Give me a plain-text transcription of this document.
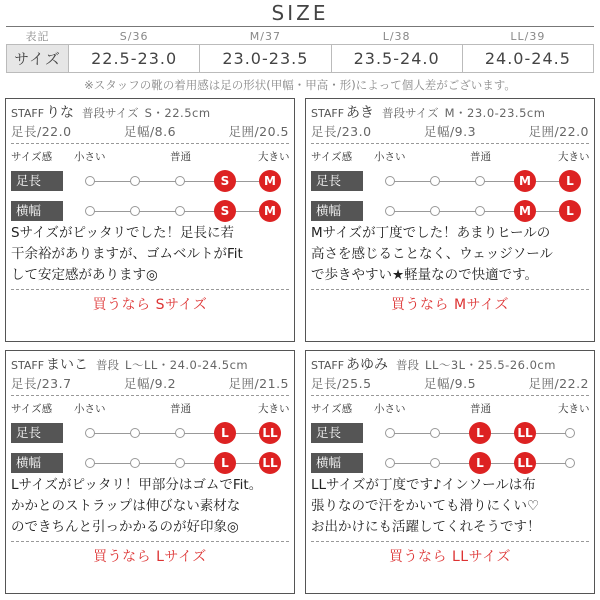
SIZE
表記	S/36	M/37	L/38	LL/39
サイズ	22.5-23.0	23.0-23.5	23.5-24.0	24.0-24.5
※スタッフの靴の着用感は足の形状(甲幅・甲高・形)によって個人差がございます。
STAFF りな 普段サイズ S・22.5cm
足長/22.0	足幅/8.6	足囲/20.5
サイズ感 小さい	普通	大きい
足長	S	M
横幅	S	M
Sサイズがピッタリでした！足長に若
干余裕がありますが、ゴムベルトがFit
して安定感があります◎
買うなら Sサイズ
STAFF あき 普段サイズ M・23.0-23.5cm
足長/23.0	足幅/9.3	足囲/22.0
サイズ感 小さい	普通	大きい
足長	M	L
横幅	M	L
Mサイズが丁度でした！あまりヒールの
高さを感じることなく、ウェッジソール
で歩きやすい★軽量なので快適です。
買うなら Mサイズ
STAFF まいこ 普段 L〜LL・24.0-24.5cm
足長/23.7	足幅/9.2	足囲/21.5
サイズ感 小さい	普通	大きい
足長	L	LL
横幅	L	LL
Lサイズがピッタリ！甲部分はゴムでFit。
かかとのストラップは伸びない素材な
のできちんと引っかかるのが好印象◎
買うなら Lサイズ
STAFF あゆみ 普段 LL〜3L・25.5-26.0cm
足長/25.5	足幅/9.5	足囲/22.2
サイズ感 小さい	普通	大きい
足長	L	LL
横幅	L	LL
LLサイズが丁度です♪インソールは布
張りなので汗をかいても滑りにくい♡
お出かけにも活躍してくれそうです！
買うなら LLサイズ
